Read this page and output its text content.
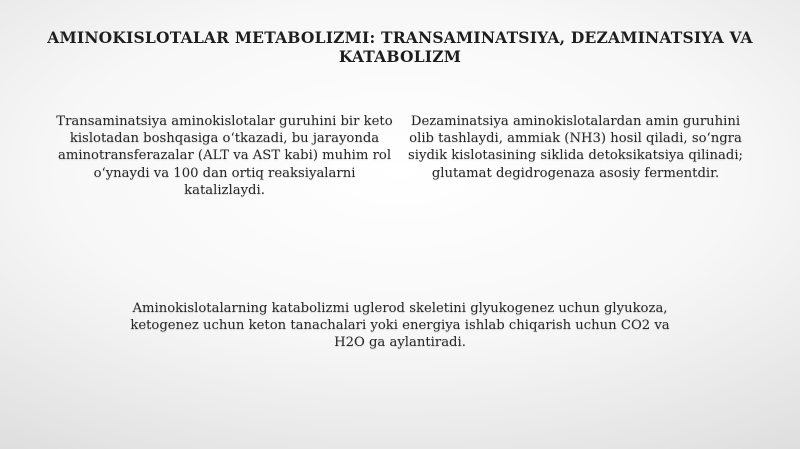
AMINOKISLOTALAR METABOLIZMI: TRANSAMINATSIYA, DEZAMINATSIYA VA KATABOLIZM
Transaminatsiya aminokislotalar guruhini bir keto kislotadan boshqasiga o‘tkazadi, bu jarayonda aminotransferazalar (ALT va AST kabi) muhim rol o‘ynaydi va 100 dan ortiq reaksiyalarni katalizlaydi.
Dezaminatsiya aminokislotalardan amin guruhini olib tashlaydi, ammiak (NH3) hosil qiladi, so‘ngra siydik kislotasining siklida detoksikatsiya qilinadi; glutamat degidrogenaza asosiy fermentdir.
Aminokislotalarning katabolizmi uglerod skeletini glyukogenez uchun glyukoza, ketogenez uchun keton tanachalari yoki energiya ishlab chiqarish uchun CO2 va H2O ga aylantiradi.
